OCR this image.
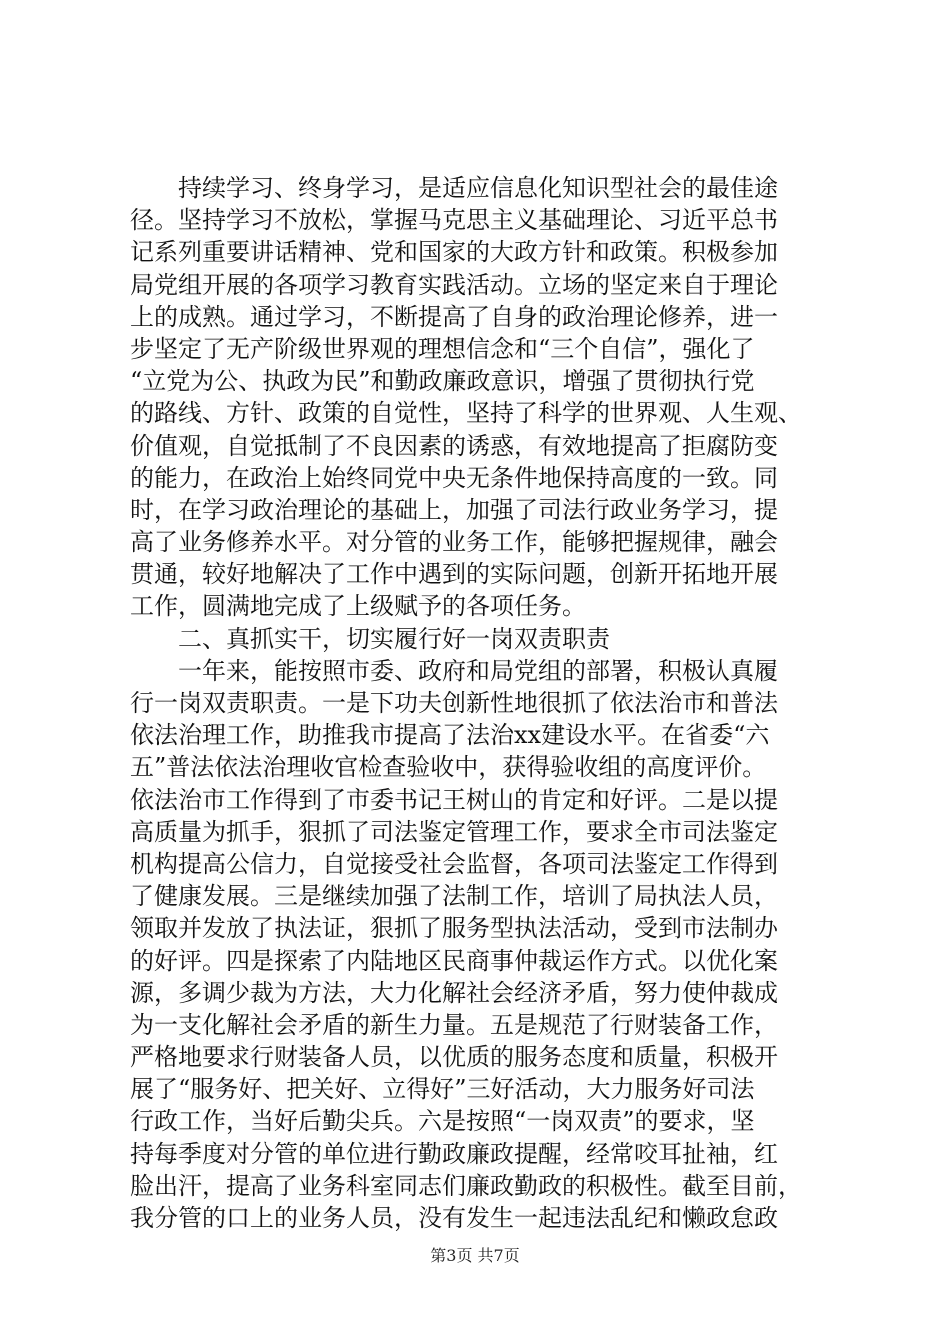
　　持续学习、终身学习，是适应信息化知识型社会的最佳途
径。坚持学习不放松，掌握马克思主义基础理论、习近平总书
记系列重要讲话精神、党和国家的大政方针和政策。积极参加
局党组开展的各项学习教育实践活动。立场的坚定来自于理论
上的成熟。通过学习，不断提高了自身的政治理论修养，进一
步坚定了无产阶级世界观的理想信念和“三个自信”，强化了
“立党为公、执政为民”和勤政廉政意识，增强了贯彻执行党
的路线、方针、政策的自觉性，坚持了科学的世界观、人生观、
价值观，自觉抵制了不良因素的诱惑，有效地提高了拒腐防变
的能力，在政治上始终同党中央无条件地保持高度的一致。同
时，在学习政治理论的基础上，加强了司法行政业务学习，提
高了业务修养水平。对分管的业务工作，能够把握规律，融会
贯通，较好地解决了工作中遇到的实际问题，创新开拓地开展
工作，圆满地完成了上级赋予的各项任务。
　　二、真抓实干，切实履行好一岗双责职责
　　一年来，能按照市委、政府和局党组的部署，积极认真履
行一岗双责职责。一是下功夫创新性地很抓了依法治市和普法
依法治理工作，助推我市提高了法治xx建设水平。在省委“六
五”普法依法治理收官检查验收中，获得验收组的高度评价。
依法治市工作得到了市委书记王树山的肯定和好评。二是以提
高质量为抓手，狠抓了司法鉴定管理工作，要求全市司法鉴定
机构提高公信力，自觉接受社会监督，各项司法鉴定工作得到
了健康发展。三是继续加强了法制工作，培训了局执法人员，
领取并发放了执法证，狠抓了服务型执法活动，受到市法制办
的好评。四是探索了内陆地区民商事仲裁运作方式。以优化案
源，多调少裁为方法，大力化解社会经济矛盾，努力使仲裁成
为一支化解社会矛盾的新生力量。五是规范了行财装备工作，
严格地要求行财装备人员，以优质的服务态度和质量，积极开
展了“服务好、把关好、立得好”三好活动，大力服务好司法
行政工作，当好后勤尖兵。六是按照“一岗双责”的要求，坚
持每季度对分管的单位进行勤政廉政提醒，经常咬耳扯袖，红
脸出汗，提高了业务科室同志们廉政勤政的积极性。截至目前，
我分管的口上的业务人员，没有发生一起违法乱纪和懒政怠政
第3页 共7页
